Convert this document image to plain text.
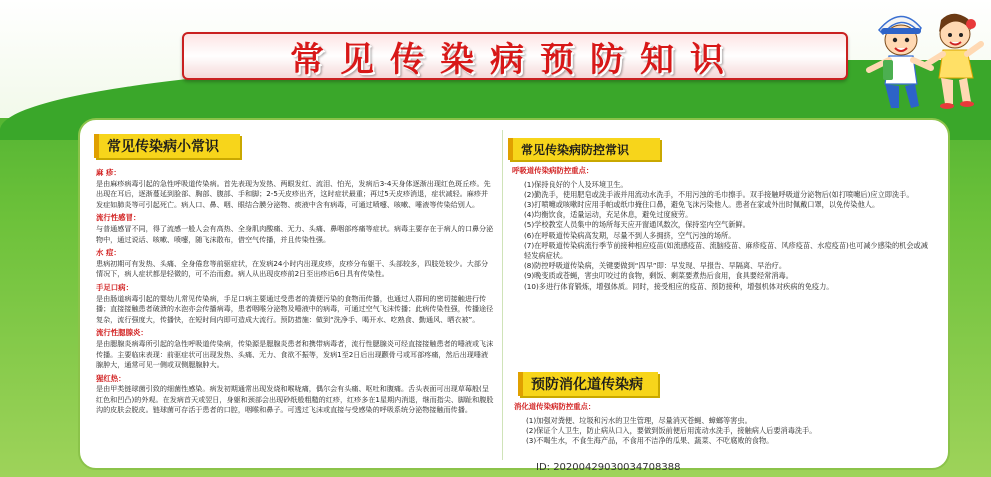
常见传染病预防知识
常见传染病小常识
麻 疹：
是由麻疹病毒引起的急性呼吸道传染病。首先表现为发热、两眼发红、流泪、怕光，发病后3-4天身体逐渐出现红色斑丘疹。先出现在耳后，逐渐蔓延到脸部、胸部、腹部、手和脚；2-5天皮疹出齐，这时症状最重；再过5天皮疹消退，症状减轻。麻疹并发症如肺炎等可引起死亡。病人口、鼻、咽、眼结合膜分泌物、痰液中含有病毒，可通过喷嚏、咳嗽、唾液等传染给别人。
流行性感冒：
与普通感冒不同，得了流感一般人会有高热、全身肌肉酸痛、无力、头痛、鼻咽部疼痛等症状。病毒主要存在于病人的口鼻分泌物中，通过说话、咳嗽、喷嚏，随飞沫散布，借空气传播，并且传染性强。
水 痘：
患病初期可有发热、头痛、全身倦怠等前驱症状，在发病24小时内出现皮疹，皮疹分布躯干、头部较多，四肢处较少。大部分情况下，病人症状都是轻微的，可不治而愈。病人从出现皮疹前2日至出疹后6日具有传染性。
手足口病：
是由肠道病毒引起的婴幼儿常见传染病，手足口病主要通过受患者的粪便污染的食物而传播，也通过人群间的密切接触进行传播；直接接触患者破溃的水泡亦会传播病毒，患者咽喉分泌物及唾液中的病毒，可通过空气飞沫传播；此病传染性强，传播途径复杂，流行强度大，传播快，在短时间内即可造成大流行。预防措施：做到“洗净手、喝开水、吃熟食、勤通风、晒衣被”。
流行性腮腺炎：
是由腮腺炎病毒所引起的急性呼吸道传染病，传染源是腮腺炎患者和携带病毒者，流行性腮腺炎可经直接接触患者的唾液或飞沫传播。主要临床表现：前驱症状可出现发热、头痛、无力、食欲不振等，发病1至2日后出现颧骨弓或耳部疼痛，然后出现唾液腺肿大，通常可见一侧或双侧腮腺肿大。
猩红热：
是由甲类链球菌引致的细菌性感染。病发初期通常出现发烧和喉咙痛，偶尔会有头痛、呕吐和腹痛。舌头表面可出现草莓般(呈红色和凹凸)的外观。在发病首天或翌日，身躯和颈部会出现砂纸般粗糙的红疹，红疹多在1星期内消退，继而指尖、脚趾和腹股沟的皮肤会脱皮。链球菌可存活于患者的口腔，咽喉和鼻子。可透过飞沫或直接与受感染的呼吸系统分泌物接触而传播。
常见传染病防控常识
呼吸道传染病防控重点：
(1)保持良好的个人及环境卫生。
(2)勤洗手，使用肥皂或洗手液并用流动水洗手，不用污浊的毛巾擦手。双手接触呼吸道分泌物后(如打喷嚏后)应立即洗手。
(3)打喷嚏或咳嗽时应用手帕或纸巾掩住口鼻，避免飞沫污染他人。患者在家或外出时佩戴口罩，以免传染他人。
(4)均衡饮食，适量运动，充足休息，避免过度疲劳。
(5)学校教室人员集中的场所每天应开窗通风数次，保持室内空气新鲜。
(6)在呼吸道传染病高发期，尽量不到人多拥挤，空气污浊的场所。
(7)在呼吸道传染病流行季节前接种相应疫苗(如流感疫苗、流脑疫苗、麻疹疫苗、风疹疫苗、水痘疫苗)也可减少感染的机会或减轻发病症状。
(8)防控呼吸道传染病，关键要做到“四早”即：早发现、早报告、早隔离、早治疗。
(9)晚变质或苍蝇，害虫叮咬过的食物，剩饭、剩菜要煮热后食用，食具要经常消毒。
(10)多进行体育锻炼，增强体质。同时，接受相应的疫苗、预防接种，增强机体对疾病的免疫力。
预防消化道传染病
消化道传染病防控重点：
(1)加强对粪便、垃圾和污水的卫生管理，尽量消灭苍蝇、蟑螂等害虫。
(2)保证个人卫生，防止病从口入，要做到饭前便后用流动水洗手，接触病人后要消毒洗手。
(3)不喝生水，不食生海产品，不食用不洁净的瓜果、蔬菜、不吃腐败的食物。
ID: 20200429030034708388
